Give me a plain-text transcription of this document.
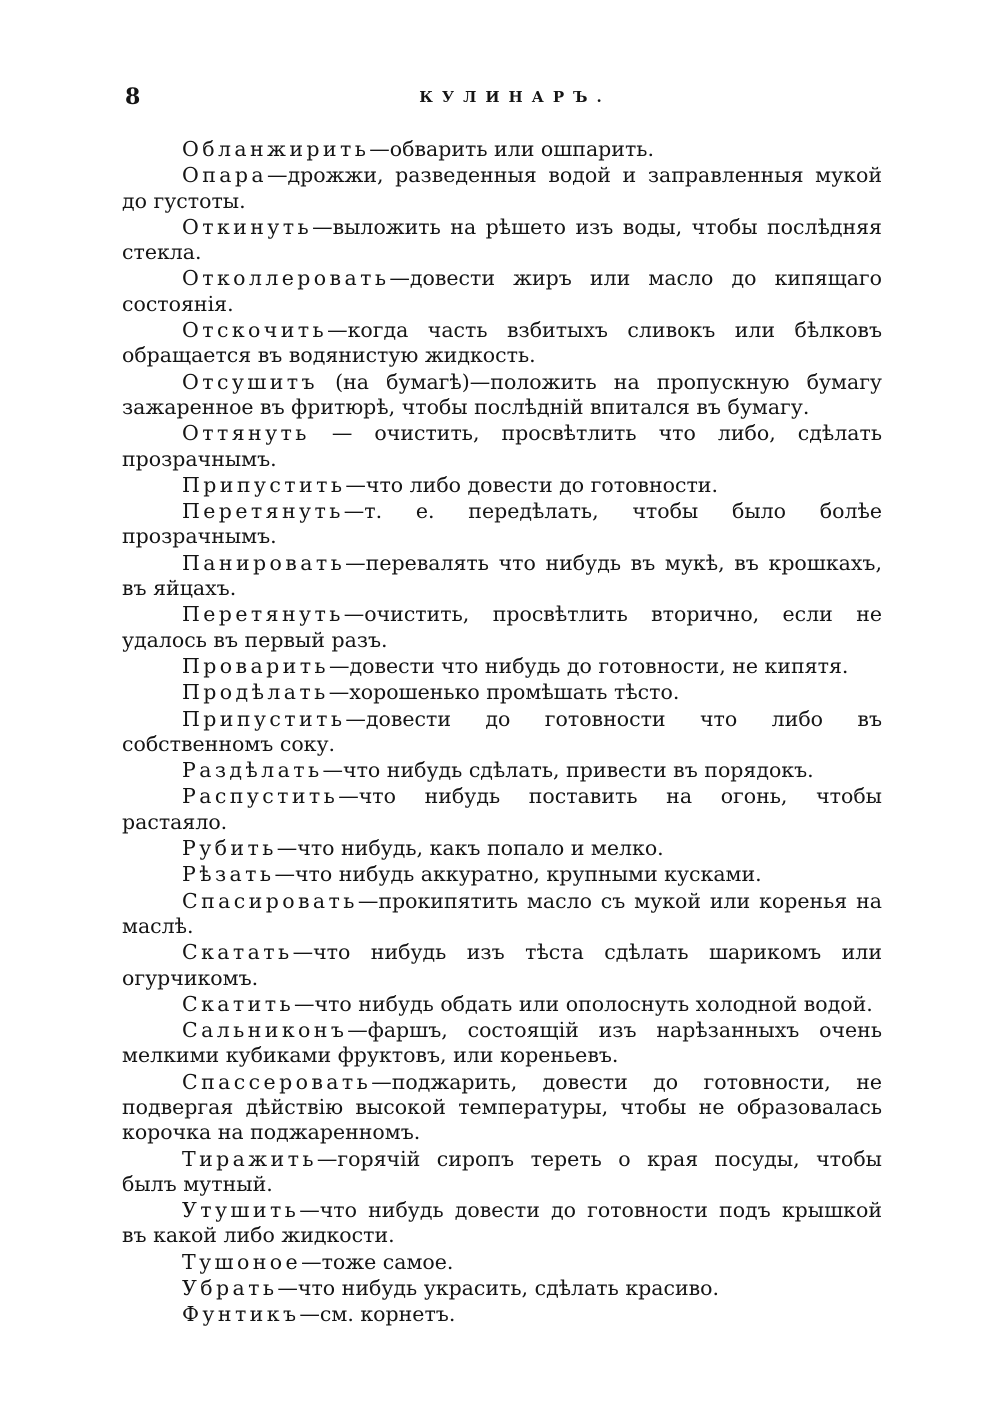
8	КУЛИНАРЪ.

Обланжирить—обварить или ошпарить.

Опара—дрожжи, разведенныя водой и заправленныя мукой до густоты.

Откинуть—выложить на рѣшето изъ воды, чтобы послѣдняя стекла.

Отколлеровать—довести жиръ или масло до кипящаго состоянія.

Отскочить—когда часть взбитыхъ сливокъ или бѣлковъ обращается въ водянистую жидкость.

Отсушитъ (на бумагѣ)—положить на пропускную бумагу зажаренное въ фритюрѣ, чтобы послѣднiй впитался въ бумагу.

Оттянуть — очистить, просвѣтлить что либо, сдѣлать прозрачнымъ.

Припустить—что либо довести до готовности.

Перетянуть—т. е. передѣлать, чтобы было болѣе прозрачнымъ.

Панировать—перевалять что нибудь въ мукѣ, въ крошкахъ, въ яйцахъ.

Перетянуть—очистить, просвѣтлить вторично, если не удалось въ первый разъ.

Проварить—довести что нибудь до готовности, не кипятя.

Продѣлать—хорошенько промѣшать тѣсто.

Припустить—довести до готовности что либо въ собственномъ соку.

Раздѣлать—что нибудь сдѣлать, привести въ порядокъ.

Распустить—что нибудь поставить на огонь, чтобы растаяло.

Рубить—что нибудь, какъ попало и мелко.

Рѣзать—что нибудь аккуратно, крупными кусками.

Спасировать—прокипятить масло съ мукой или коренья на маслѣ.

Скатать—что нибудь изъ тѣста сдѣлать шарикомъ или огурчикомъ.

Скатить—что нибудь обдать или ополоснуть холодной водой.

Сальниконъ—фаршъ, состоящiй изъ нарѣзанныхъ очень мелкими кубиками фруктовъ, или кореньевъ.

Спассеровать—поджарить, довести до готовности, не подвергая дѣйствiю высокой температуры, чтобы не образовалась корочка на поджаренномъ.

Тиражить—горячiй сиропъ тереть о края посуды, чтобы былъ мутный.

Утушить—что нибудь довести до готовности подъ крышкой въ какой либо жидкости.

Тушоное—тоже самое.

Убрать—что нибудь украсить, сдѣлать красиво.

Фунтикъ—см. корнетъ.
